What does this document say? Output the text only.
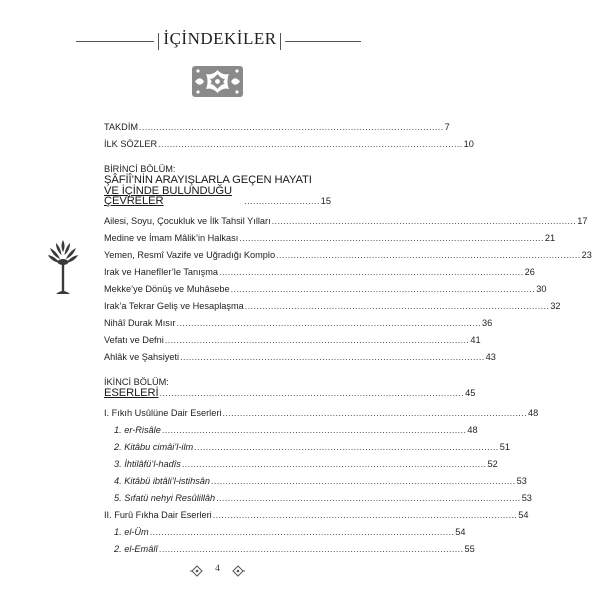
İÇİNDEKİLER
TAKDİM ......................................................................................................... 7
İLK SÖZLER ......................................................................................................... 10
BİRİNCİ BÖLÜM:
ŞÂFİÎ’NİN ARAYIŞLARLA GEÇEN HAYATI
VE İÇİNDE BULUNDUĞU ÇEVRELER	.......................... 15
Ailesi, Soyu, Çocukluk ve İlk Tahsil Yılları ......................................................................................................... 17
Medine ve İmam Mâlik’in Halkası ......................................................................................................... 21
Yemen, Resmî Vazife ve Uğradığı Komplo ......................................................................................................... 23
Irak ve Hanefîler’le Tanışma ......................................................................................................... 26
Mekke’ye Dönüş ve Muhâsebe ......................................................................................................... 30
Irak’a Tekrar Geliş ve Hesaplaşma ......................................................................................................... 32
Nihâî Durak Mısır ......................................................................................................... 36
Vefatı ve Defni ......................................................................................................... 41
Ahlâk ve Şahsiyeti ......................................................................................................... 43
İKİNCİ BÖLÜM:
ESERLERİ ......................................................................................................... 45
I. Fıkıh Usûlüne Dair Eserleri ......................................................................................................... 48
1. er-Risâle ......................................................................................................... 48
2. Kitâbu cimâi’l-ilm ......................................................................................................... 51
3. İhtilâfü’l-hadîs ......................................................................................................... 52
4. Kitâbü ibtâli’l-istihsân ......................................................................................................... 53
5. Sıfatü nehyi Resûlillâh ......................................................................................................... 53
II. Furû Fıkha Dair Eserleri ......................................................................................................... 54
1. el-Üm ......................................................................................................... 54
2. el-Emâlî ......................................................................................................... 55
4
